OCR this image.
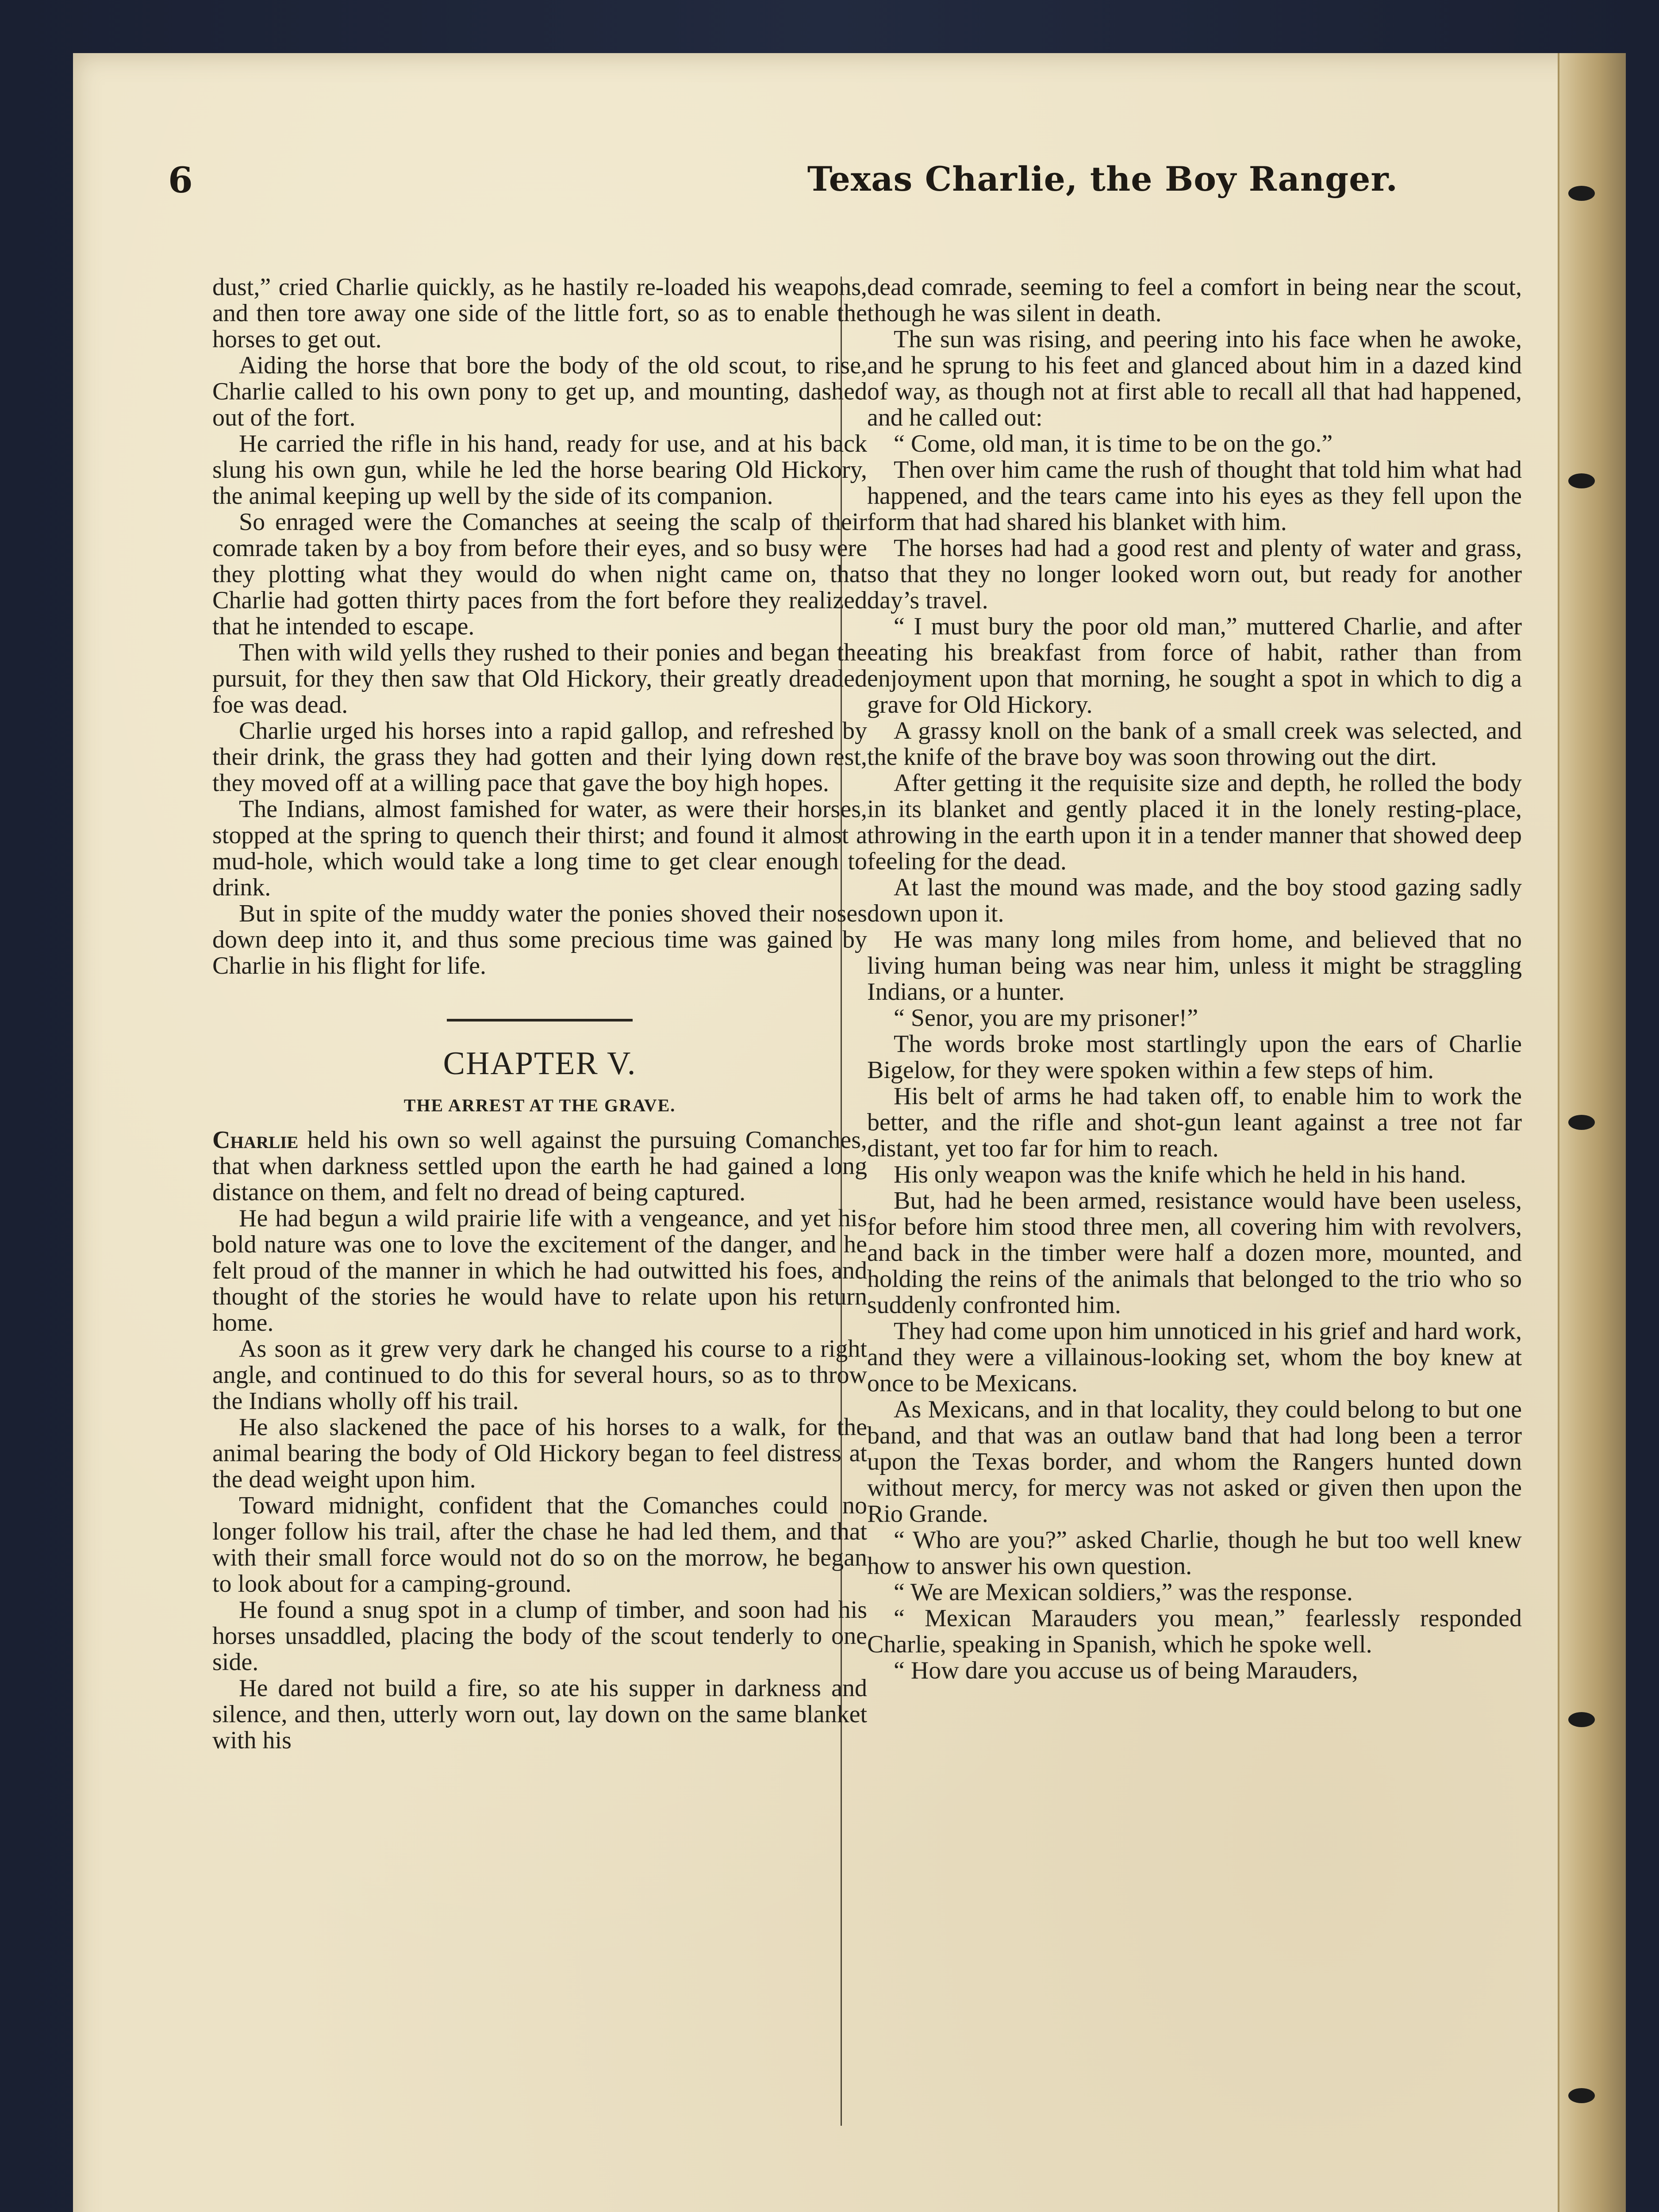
6	Texas Charlie, the Boy Ranger.

dust,” cried Charlie quickly, as he hastily re-loaded his weapons, and then tore away one side of the little fort, so as to enable the horses to get out.

Aiding the horse that bore the body of the old scout, to rise, Charlie called to his own pony to get up, and mounting, dashed out of the fort.

He carried the rifle in his hand, ready for use, and at his back slung his own gun, while he led the horse bearing Old Hickory, the animal keeping up well by the side of its companion.

So enraged were the Comanches at seeing the scalp of their comrade taken by a boy from before their eyes, and so busy were they plotting what they would do when night came on, that Charlie had gotten thirty paces from the fort before they realized that he intended to escape.

Then with wild yells they rushed to their ponies and began the pursuit, for they then saw that Old Hickory, their greatly dreaded foe was dead.

Charlie urged his horses into a rapid gallop, and refreshed by their drink, the grass they had gotten and their lying down rest, they moved off at a willing pace that gave the boy high hopes.

The Indians, almost famished for water, as were their horses, stopped at the spring to quench their thirst; and found it almost a mud-hole, which would take a long time to get clear enough to drink.

But in spite of the muddy water the ponies shoved their noses down deep into it, and thus some precious time was gained by Charlie in his flight for life.

CHAPTER V.
THE ARREST AT THE GRAVE.

Charlie held his own so well against the pursuing Comanches, that when darkness settled upon the earth he had gained a long distance on them, and felt no dread of being captured.

He had begun a wild prairie life with a vengeance, and yet his bold nature was one to love the excitement of the danger, and he felt proud of the manner in which he had outwitted his foes, and thought of the stories he would have to relate upon his return home.

As soon as it grew very dark he changed his course to a right angle, and continued to do this for several hours, so as to throw the Indians wholly off his trail.

He also slackened the pace of his horses to a walk, for the animal bearing the body of Old Hickory began to feel distress at the dead weight upon him.

Toward midnight, confident that the Comanches could no longer follow his trail, after the chase he had led them, and that with their small force would not do so on the morrow, he began to look about for a camping-ground.

He found a snug spot in a clump of timber, and soon had his horses unsaddled, placing the body of the scout tenderly to one side.

He dared not build a fire, so ate his supper in darkness and silence, and then, utterly worn out, lay down on the same blanket with his

dead comrade, seeming to feel a comfort in being near the scout, though he was silent in death.

The sun was rising, and peering into his face when he awoke, and he sprung to his feet and glanced about him in a dazed kind of way, as though not at first able to recall all that had happened, and he called out:

“ Come, old man, it is time to be on the go.”

Then over him came the rush of thought that told him what had happened, and the tears came into his eyes as they fell upon the form that had shared his blanket with him.

The horses had had a good rest and plenty of water and grass, so that they no longer looked worn out, but ready for another day’s travel.

“ I must bury the poor old man,” muttered Charlie, and after eating his breakfast from force of habit, rather than from enjoyment upon that morning, he sought a spot in which to dig a grave for Old Hickory.

A grassy knoll on the bank of a small creek was selected, and the knife of the brave boy was soon throwing out the dirt.

After getting it the requisite size and depth, he rolled the body in its blanket and gently placed it in the lonely resting-place, throwing in the earth upon it in a tender manner that showed deep feeling for the dead.

At last the mound was made, and the boy stood gazing sadly down upon it.

He was many long miles from home, and believed that no living human being was near him, unless it might be straggling Indians, or a hunter.

“ Senor, you are my prisoner!”

The words broke most startlingly upon the ears of Charlie Bigelow, for they were spoken within a few steps of him.

His belt of arms he had taken off, to enable him to work the better, and the rifle and shot-gun leant against a tree not far distant, yet too far for him to reach.

His only weapon was the knife which he held in his hand.

But, had he been armed, resistance would have been useless, for before him stood three men, all covering him with revolvers, and back in the timber were half a dozen more, mounted, and holding the reins of the animals that belonged to the trio who so suddenly confronted him.

They had come upon him unnoticed in his grief and hard work, and they were a villainous-looking set, whom the boy knew at once to be Mexicans.

As Mexicans, and in that locality, they could belong to but one band, and that was an outlaw band that had long been a terror upon the Texas border, and whom the Rangers hunted down without mercy, for mercy was not asked or given then upon the Rio Grande.

“ Who are you?” asked Charlie, though he but too well knew how to answer his own question.

“ We are Mexican soldiers,” was the response.

“ Mexican Marauders you mean,” fearlessly responded Charlie, speaking in Spanish, which he spoke well.

“ How dare you accuse us of being Marauders,
